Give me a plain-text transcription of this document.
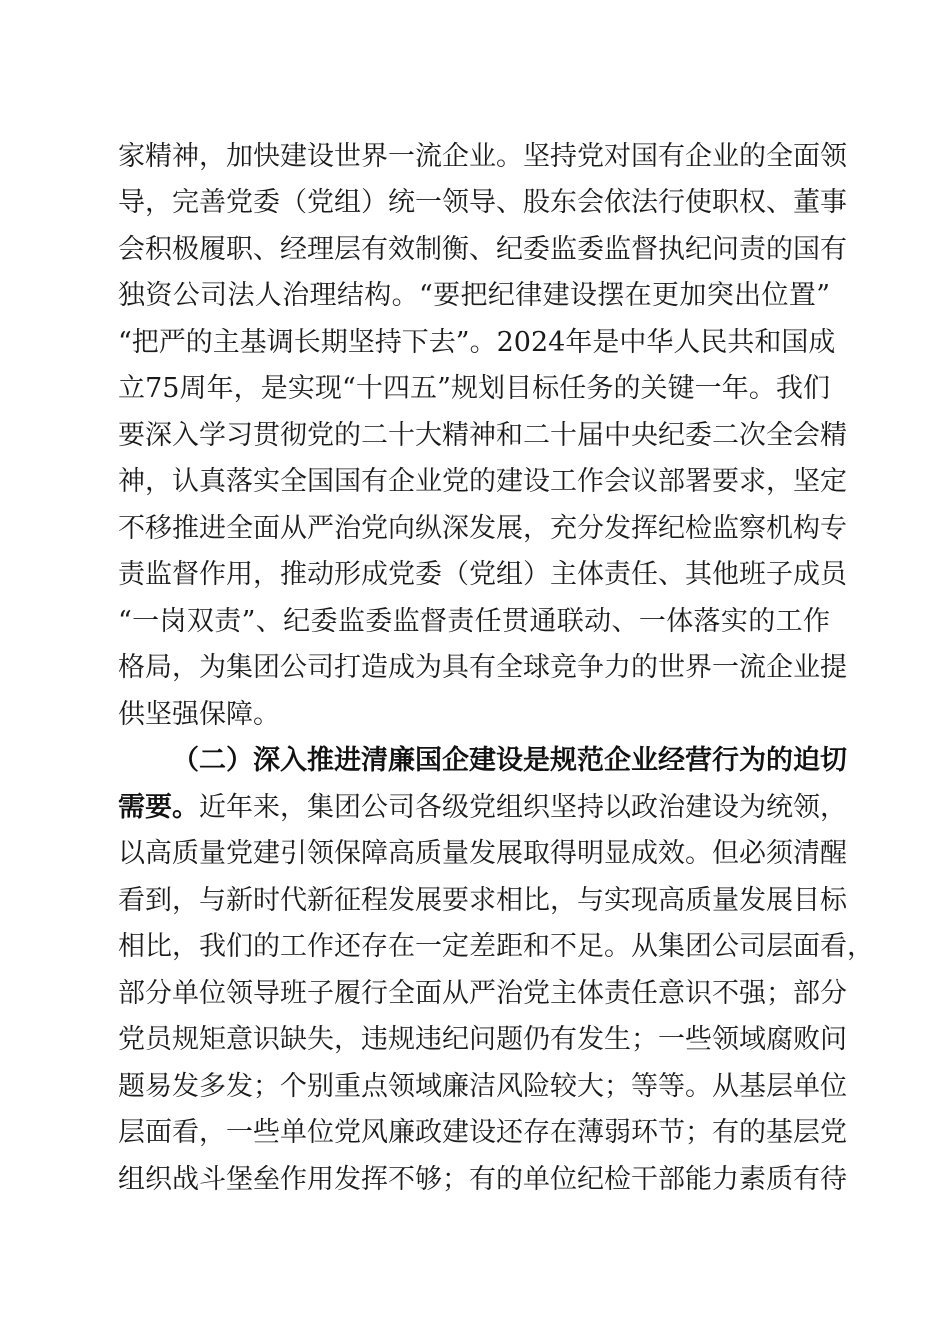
家精神，加快建设世界一流企业。坚持党对国有企业的全面领
导，完善党委（党组）统一领导、股东会依法行使职权、董事
会积极履职、经理层有效制衡、纪委监委监督执纪问责的国有
独资公司法人治理结构。“要把纪律建设摆在更加突出位置”
“把严的主基调长期坚持下去”。2024年是中华人民共和国成
立75周年，是实现“十四五”规划目标任务的关键一年。我们
要深入学习贯彻党的二十大精神和二十届中央纪委二次全会精
神，认真落实全国国有企业党的建设工作会议部署要求，坚定
不移推进全面从严治党向纵深发展，充分发挥纪检监察机构专
责监督作用，推动形成党委（党组）主体责任、其他班子成员
“一岗双责”、纪委监委监督责任贯通联动、一体落实的工作
格局，为集团公司打造成为具有全球竞争力的世界一流企业提
供坚强保障。
（二）深入推进清廉国企建设是规范企业经营行为的迫切
需要。近年来，集团公司各级党组织坚持以政治建设为统领，
以高质量党建引领保障高质量发展取得明显成效。但必须清醒
看到，与新时代新征程发展要求相比，与实现高质量发展目标
相比，我们的工作还存在一定差距和不足。从集团公司层面看，
部分单位领导班子履行全面从严治党主体责任意识不强；部分
党员规矩意识缺失，违规违纪问题仍有发生；一些领域腐败问
题易发多发；个别重点领域廉洁风险较大；等等。从基层单位
层面看，一些单位党风廉政建设还存在薄弱环节；有的基层党
组织战斗堡垒作用发挥不够；有的单位纪检干部能力素质有待
